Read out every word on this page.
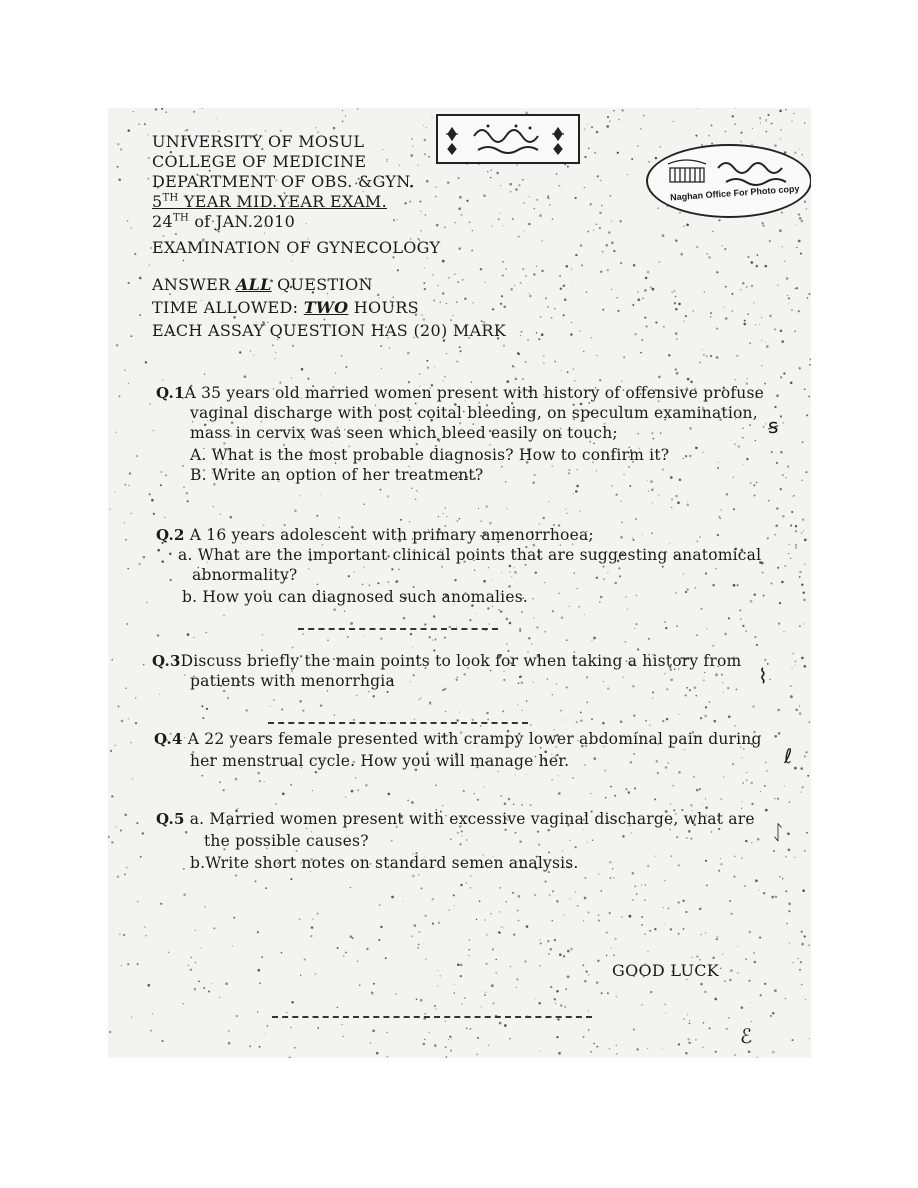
Naghan Office For Photo copy
UNIVERSITY OF MOSUL
COLLEGE OF MEDICINE
DEPARTMENT OF OBS. &GYN.
5TH YEAR MID.YEAR EXAM.
24TH of JAN.2010
EXAMINATION OF GYNECOLOGY
ANSWER ALL QUESTION
TIME ALLOWED: TWO HOURS
EACH ASSAY QUESTION HAS (20) MARK
Q.1A 35 years old married women present with history of offensive profuse
vaginal discharge with post coital bleeding, on speculum examination,
mass in cervix was seen which bleed easily on touch;
A. What is the most probable diagnosis? How to confirm it?
B. Write an option of her treatment?
Q.2 A 16 years adolescent with primary amenorrhoea;
a. What are the important clinical points that are suggesting anatomical
abnormality?
b. How you can diagnosed such anomalies.
Q.3Discuss briefly the main points to look for when taking a history from
patients with menorrhgia
Q.4 A 22 years female presented with crampy lower abdominal pain during
her menstrual cycle. How you will manage her.
Q.5 a. Married women present with excessive vaginal discharge, what are
the possible causes?
b.Write short notes on standard semen analysis.
GOOD LUCK
ꞩ
⌇
ℓ
ᛇ
ℰ
